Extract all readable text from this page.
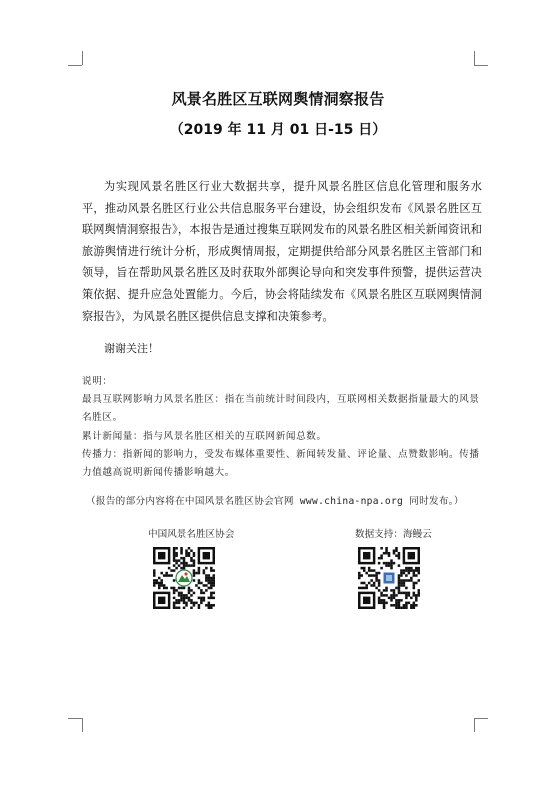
风景名胜区互联网舆情洞察报告
（2019 年 11 月 01 日-15 日）
为实现风景名胜区行业大数据共享，提升风景名胜区信息化管理和服务水平，推动风景名胜区行业公共信息服务平台建设，协会组织发布《风景名胜区互联网舆情洞察报告》，本报告是通过搜集互联网发布的风景名胜区相关新闻资讯和旅游舆情进行统计分析，形成舆情周报，定期提供给部分风景名胜区主管部门和领导，旨在帮助风景名胜区及时获取外部舆论导向和突发事件预警，提供运营决策依据、提升应急处置能力。今后，协会将陆续发布《风景名胜区互联网舆情洞察报告》，为风景名胜区提供信息支撑和决策参考。
谢谢关注！

说明：

最具互联网影响力风景名胜区：指在当前统计时间段内，互联网相关数据指量最大的风景名胜区。

累计新闻量：指与风景名胜区相关的互联网新闻总数。

传播力：指新闻的影响力，受发布媒体重要性、新闻转发量、评论量、点赞数影响。传播力值越高说明新闻传播影响越大。

（报告的部分内容将在中国风景名胜区协会官网 www.china-npa.org 同时发布。）
中国风景名胜区协会	数据支持：海鳗云
